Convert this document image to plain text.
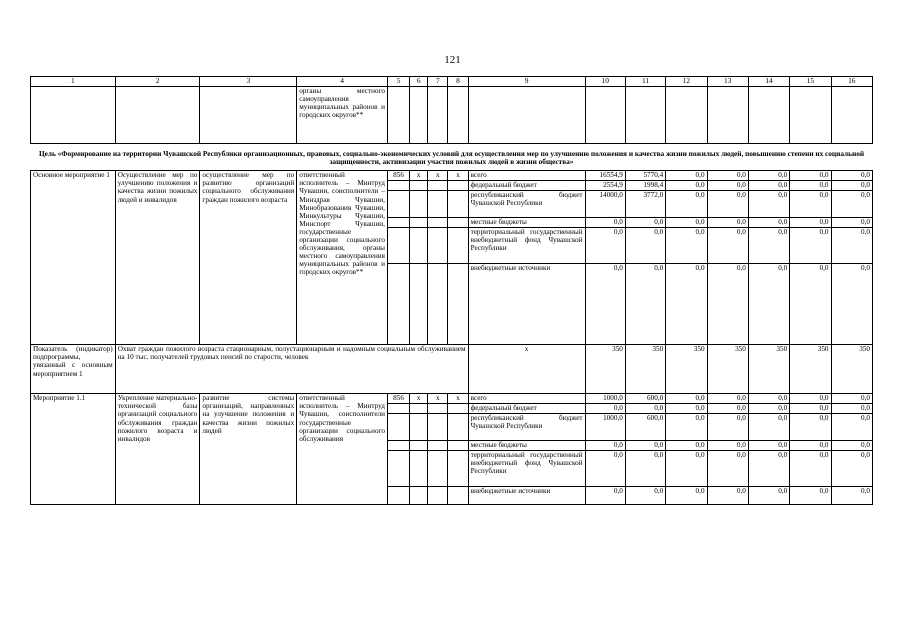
121
1	2	3	4	5	6	7	8	9	10	11	12	13	14	15	16
			органы местного самоуправления муниципальных районов и городских округов**												
Цель «Формирование на территории Чувашской Республики организационных, правовых, социально-экономических условий для осуществления мер по улучшению положения и качества жизни пожилых людей, повышению степени их социальной защищенности, активизации участия пожилых людей в жизни общества»															
Основное мероприятие 1	Осуществление мер по улучшению положения и качества жизни пожилых людей и инвалидов	осуществление мер по развитию организаций социального обслуживания граждан пожилого возраста	ответственный исполнитель – Минтруд Чувашии, соисполнители – Минздрав Чувашии, Минобразования Чувашии, Минкультуры Чувашии, Минспорт Чувашии, государственные организации социального обслуживания, органы местного самоуправления муниципальных районов и городских округов**	856	x	x	x	всего	16554,9	5770,4	0,0	0,0	0,0	0,0	0,0
								федеральный бюджет	2554,9	1998,4	0,0	0,0	0,0	0,0	0,0
								республиканский бюджет Чувашской Республики	14000,0	3772,0	0,0	0,0	0,0	0,0	0,0
								местные бюджеты	0,0	0,0	0,0	0,0	0,0	0,0	0,0
								территориальный государственный внебюджетный фонд Чувашской Республики	0,0	0,0	0,0	0,0	0,0	0,0	0,0
								внебюджетные источники	0,0	0,0	0,0	0,0	0,0	0,0	0,0
Показатель (индикатор) подпрограммы, увязанный с основным мероприятием 1	Охват граждан пожилого возраста стационарным, полустационарным и надомным социальным обслуживанием на 10 тыс. получателей трудовых пенсий по старости, человек							x	350	350	350	350	350	350	350
Мероприятие 1.1	Укрепление материально-технической базы организаций социального обслуживания граждан пожилого возраста и инвалидов	развитие системы организаций, направленных на улучшение положения и качества жизни пожилых людей	ответственный исполнитель – Минтруд Чувашии, соисполнители государственные организации социального обслуживания	856	x	x	x	всего	1000,0	600,0	0,0	0,0	0,0	0,0	0,0
								федеральный бюджет	0,0	0,0	0,0	0,0	0,0	0,0	0,0
								республиканский бюджет Чувашской Республики	1000,0	600,0	0,0	0,0	0,0	0,0	0,0
								местные бюджеты	0,0	0,0	0,0	0,0	0,0	0,0	0,0
								территориальный государственный внебюджетный фонд Чувашской Республики	0,0	0,0	0,0	0,0	0,0	0,0	0,0
								внебюджетные источники	0,0	0,0	0,0	0,0	0,0	0,0	0,0
